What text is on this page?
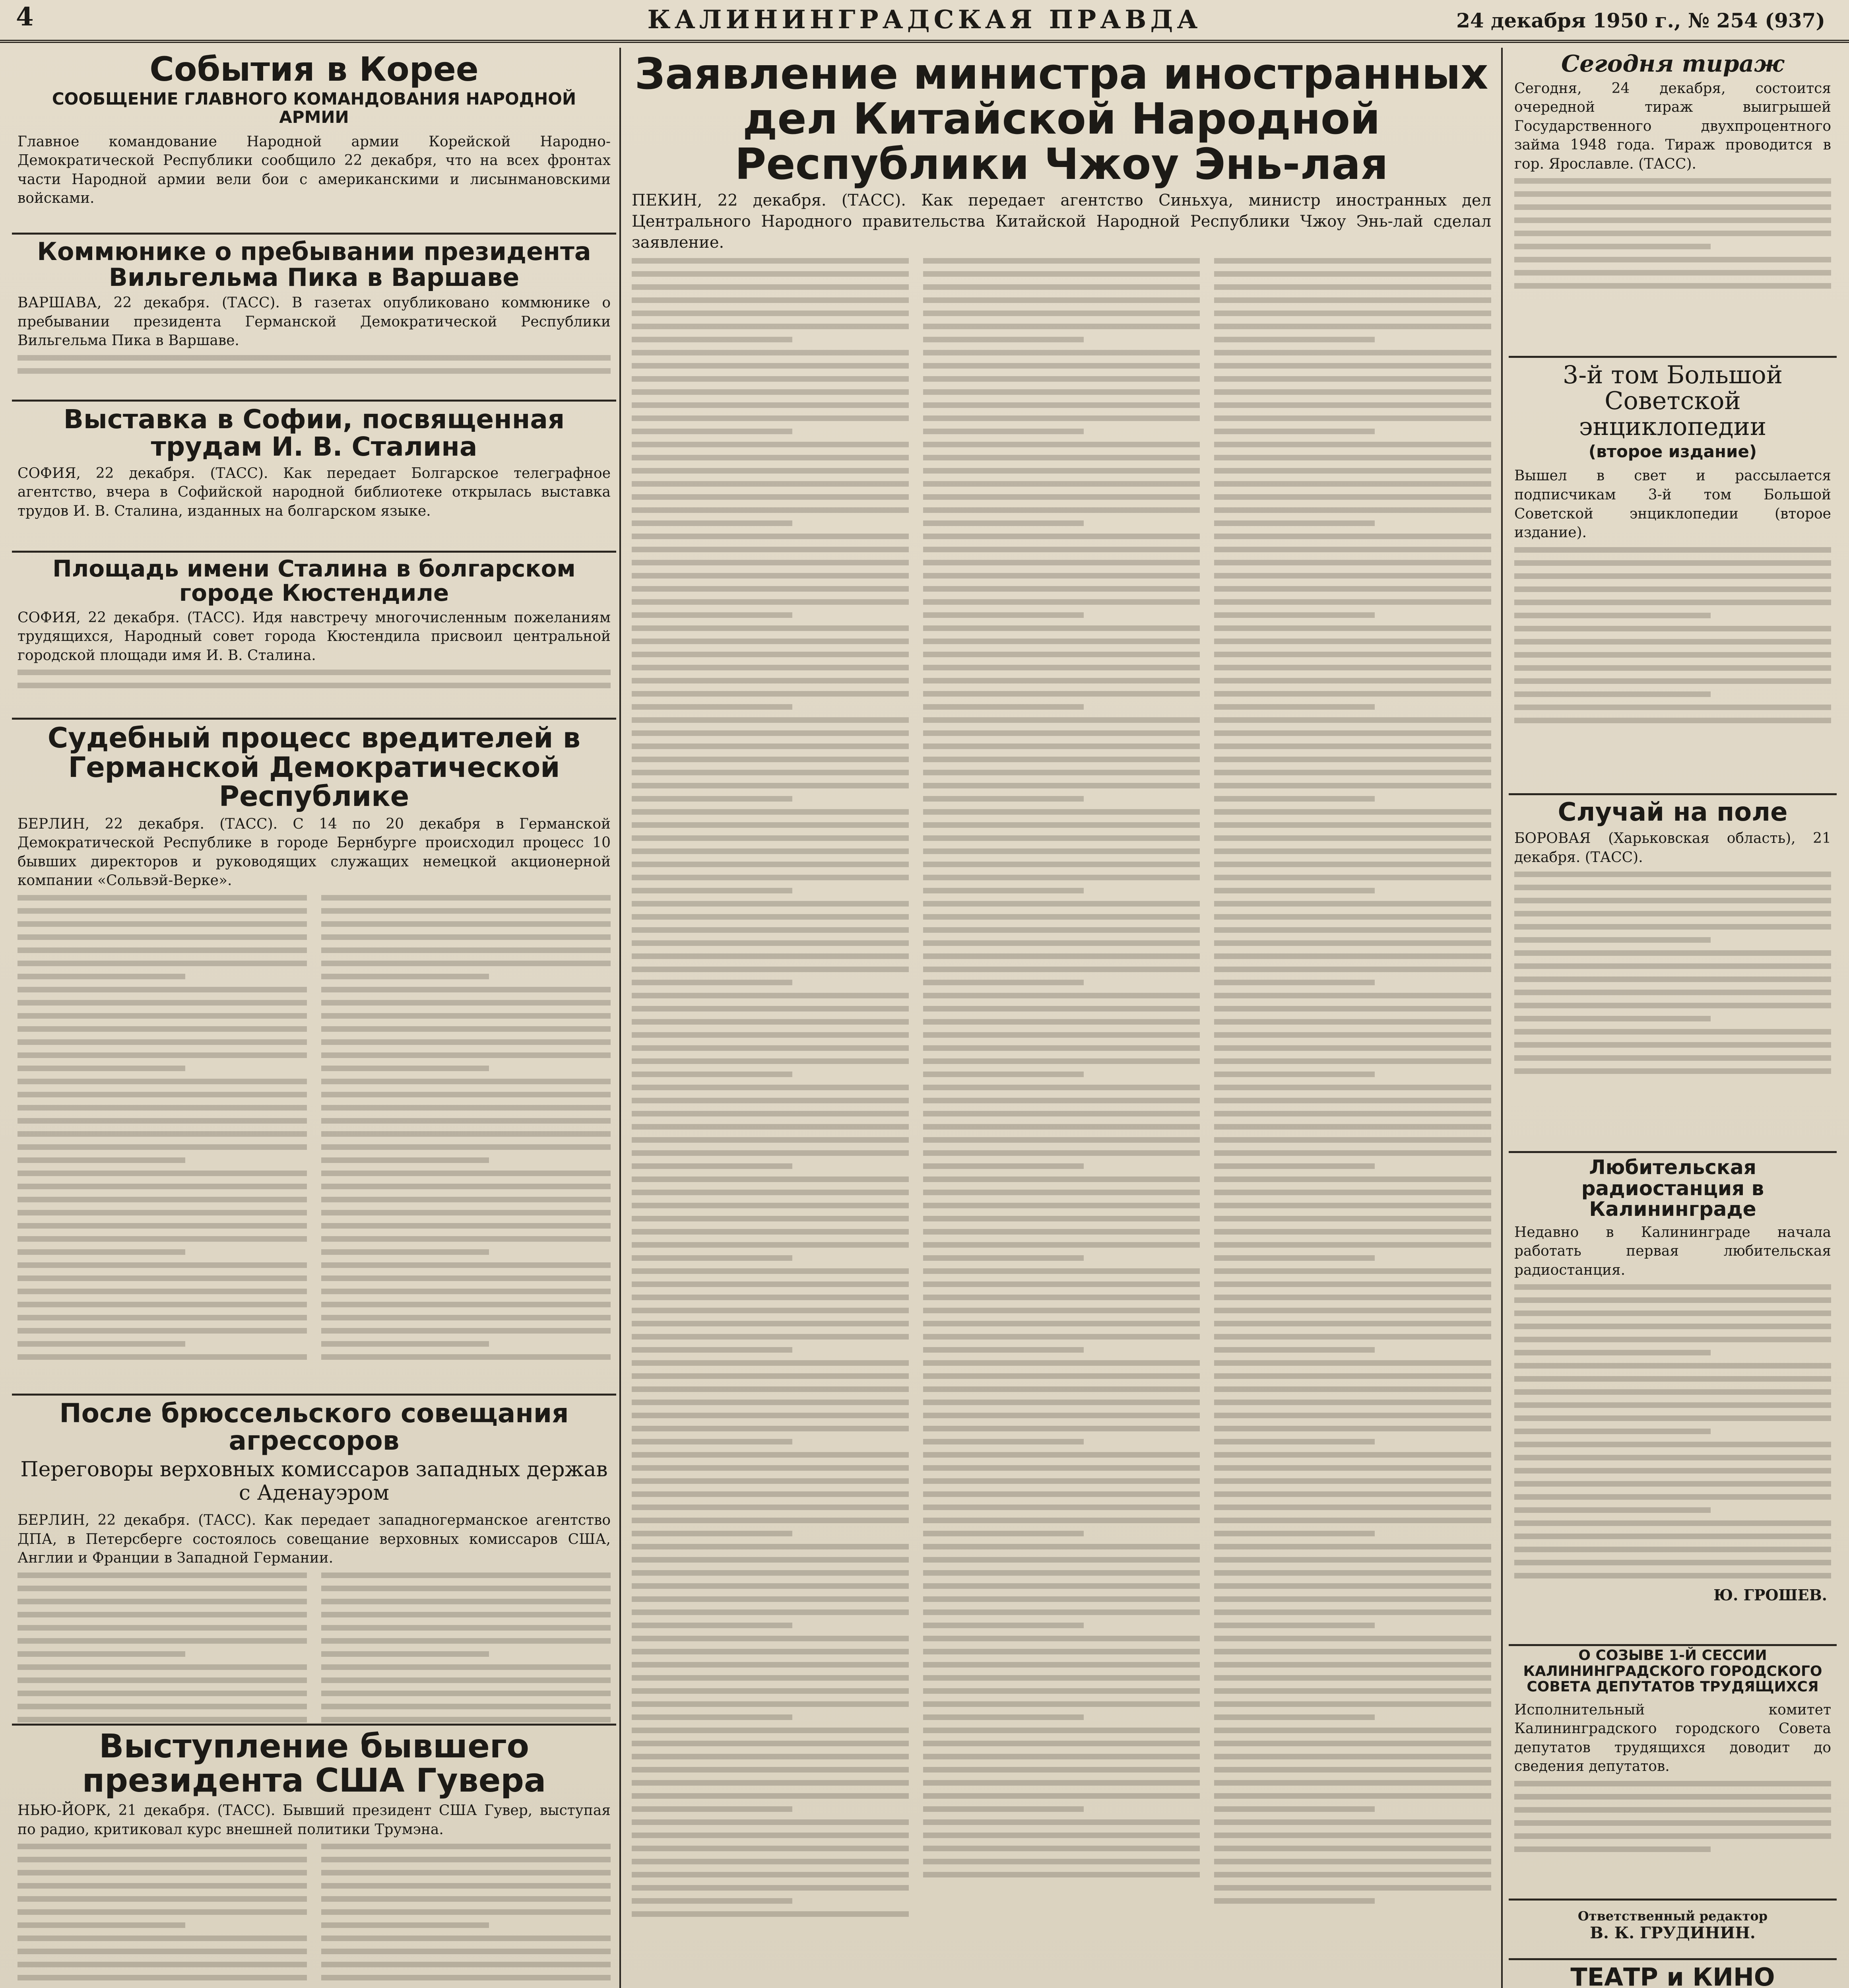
4	КАЛИНИНГРАДСКАЯ ПРАВДА	24 декабря 1950 г., № 254 (937)
События в Корее
СООБЩЕНИЕ ГЛАВНОГО КОМАНДОВАНИЯ НАРОДНОЙ АРМИИ
Главное командование Народной армии Корейской Народно-Демократической Республики сообщило 22 декабря, что на всех фронтах части Народной армии вели бои с американскими и лисынмановскими войсками.
Коммюнике о пребывании президента Вильгельма Пика в Варшаве
ВАРШАВА, 22 декабря. (ТАСС). В газетах опубликовано коммюнике о пребывании президента Германской Демократической Республики Вильгельма Пика в Варшаве.
Выставка в Софии, посвященная трудам И. В. Сталина
СОФИЯ, 22 декабря. (ТАСС). Как передает Болгарское телеграфное агентство, вчера в Софийской народной библиотеке открылась выставка трудов И. В. Сталина, изданных на болгарском языке.
Площадь имени Сталина в болгарском городе Кюстендиле
СОФИЯ, 22 декабря. (ТАСС). Идя навстречу многочисленным пожеланиям трудящихся, Народный совет города Кюстендила присвоил центральной городской площади имя И. В. Сталина.
Судебный процесс вредителей в Германской Демократической Республике
БЕРЛИН, 22 декабря. (ТАСС). С 14 по 20 декабря в Германской Демократической Республике в городе Бернбурге происходил процесс 10 бывших директоров и руководящих служащих немецкой акционерной компании «Сольвэй-Верке».
После брюссельского совещания агрессоров
Переговоры верховных комиссаров западных держав с Аденауэром
БЕРЛИН, 22 декабря. (ТАСС). Как передает западногерманское агентство ДПА, в Петерсберге состоялось совещание верховных комиссаров США, Англии и Франции в Западной Германии.
Выступление бывшего президента США Гувера
НЬЮ-ЙОРК, 21 декабря. (ТАСС). Бывший президент США Гувер, выступая по радио, критиковал курс внешней политики Трумэна.
Заявление министра иностранных дел Китайской Народной Республики Чжоу Энь-лая
ПЕКИН, 22 декабря. (ТАСС). Как передает агентство Синьхуа, министр иностранных дел Центрального Народного правительства Китайской Народной Республики Чжоу Энь-лай сделал заявление.
Сегодня тираж
Сегодня, 24 декабря, состоится очередной тираж выигрышей Государственного двухпроцентного займа 1948 года. Тираж проводится в гор. Ярославле. (ТАСС).
3-й том Большой Советской энциклопедии
(второе издание)
Вышел в свет и рассылается подписчикам 3-й том Большой Советской энциклопедии (второе издание).
Случай на поле
БОРОВАЯ (Харьковская область), 21 декабря. (ТАСС).
Любительская радиостанция в Калининграде
Недавно в Калининграде начала работать первая любительская радиостанция.
Ю. ГРОШЕВ.
О СОЗЫВЕ 1-Й СЕССИИ КАЛИНИНГРАДСКОГО ГОРОДСКОГО СОВЕТА ДЕПУТАТОВ ТРУДЯЩИХСЯ
Исполнительный комитет Калининградского городского Совета депутатов трудящихся доводит до сведения депутатов.
Ответственный редактор
В. К. ГРУДИНИН.
ТЕАТР и КИНО
